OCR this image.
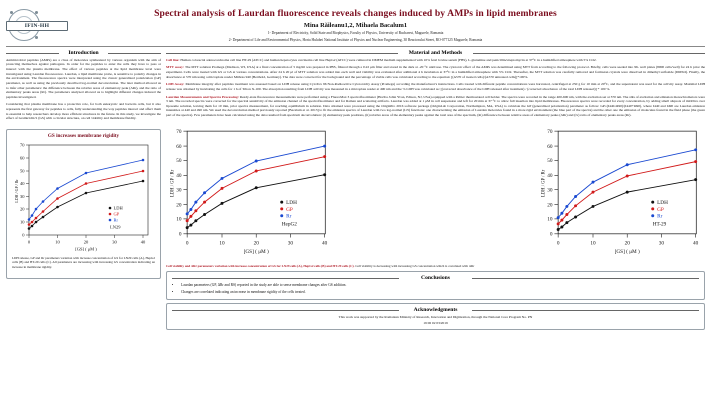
IFIN-HH
Spectral analysis of Laurdan fluorescence reveals changes induced by AMPs in lipid membranes
Mina Răileanu1,2, Mihaela Bacalum1
1- Department of Electricity, Solid State and Biophysics, Faculty of Physics, University of Bucharest, Magurele, Romania
2- Department of Life and Environmental Physics, Horia Hulubei National Institute of Physics and Nuclear Engineering, 30 Reactorului Street, RO-077125 Magurele, Romania
Introduction

Antimicrobial peptides (AMPs) are a class of molecules synthesized by various organism with the aim of protecting themselves against pathogens. In order for the peptides to enter the cells they have to pass or interact with the plasma membrane. The effect of various peptides at the lipid membrane level were investigated using Laurdan fluorescence. Laurdan, a lipid membrane probe, is sensitive to polarity changes in the environment. The fluorescence spectra were interpreted using the classic generalized polarization (GP) parameter, as well as using the previously described log-normal deconvolution. The later method allowed us to infer other parameters: the difference between the relative areas of elementary peak (ΔRr), and the ratio of elementary peaks areas (Rr). The parameters analyzed allowed us to highlight different changes induced the peptides investigated.

Considering that plasma membrane has a protective role, for both eukaryotic and bacteria cells, but it also represents the first gateway for peptides to cells, fully understanding the way peptides interact and affect them is essential to help researchers develop more efficient structures in the future. In this study, we investigate the effect of Gramicidin S (GS) with a circular structure, on cell viability and membrane fluidity.

Material and Methods

Cell line: Human colorectal adenocarcinoma cell line HT-29 (ATCC) and human hepatocytes carcinoma cell line HepG2 (ATCC) were cultured in DMEM medium supplemented with 10% fetal bovine serum (FBS), L-glutamine and penicillin/streptomycin at 37°C in a humidified atmosphere with 5% CO2.

MTT assay: The MTT solution Promega (Madison, WI, USA) at a final concentration of 5 mg/ml was prepared in PBS, filtered through a 0.22 μm filter and stored in the dark at -20 °C until use. The cytotoxic effect of the AMPs was determined using MTT from according to the following protocol. Briefly, cells were seeded into 96- well plates (8000 cells/well) for 24 h prior the experiment. Cells were treated with GS or GS at various concentrations. After 24 h 20 μl of MTT solution was added into each well and viability was evaluated after additional 4 h incubation at 37°C in a humidified atmosphere with 5% CO2. Thereafter, the MTT solution was carefully removed and formazan crystals were dissolved in dimethyl sulfoxide (DMSO). Finally, the absorbance at 570 nm using a microplate reader Mithras 940 (Berthold, Germany). The data were corrected for the background and the percentage of viable cells was calculated according to the equation: [(A570 of treated cells)/(A570 untreated cells)]*100%.

LDH Assay: Membrane integrity after peptides treatment was assessed based on LDH release using CytoTox 96 Non-Radioactive Cytotoxicity Assay (Promega) according the manufacturer's instructions. Cells treated with different peptide concentrations were harvested, centrifuged at 250 g for 10 min at 20°C, and the supernatant was used for the activity assay. Maximal LDH release was obtained by incubating the cells for 1 h of Triton X-100. The absorption resulting from LDH activity was measured in a microplate reader at 490 nm and the % LDH was calculated as: [(corrected absorbance of the LDH released after treatment) / (corrected absorbance of the total LDH released)] * 100 %.

Laurdan Measurements and Spectra Processing: Ready-state fluorescence measurements were performed using a FluoroMax 3 spectrofluorimeter (Horiba Jobin Yvon, Edison, NJ, USA) equipped with a Peltier thermostated cell holder. The spectra were recorded in the range 400-600 nm, with the excitation set at 370 nm. The slits of excitation and emission monochromators were 3 nm. The recorded spectra were corrected for the spectral sensitivity of the emission channel of the spectrofluorimeter and for Raman and scattering artifacts. Laurdan was added at 1 μM in cell suspension and left for 20 min at 37 °C to allow full insertion into lipid membranes. Fluorescence spectra were recorded for every concentration, by adding small aliquots of mitUltra over liposome solution, leaving them for 10 min, prior spectra measurement, for reaching equilibrium in solution. Data obtained were processed using the OriginPro 2016 software package (OriginLab Corporation, Northampton, MA, USA) to calculate the GP (generalized polarization) parameter as follow: GP=(I440-I490)/(I440+I490), where I440 and I490 are Laurdan emission intensities at 440 and 490 nm. We used the deconvolution method previously reported [Bacalum et al. 2013] to fit the emission spectra of Laurdan with two log-normal (LN) functions: one characterizing the emission of Laurdan molecules found in a more rigid environment (the blue part of the spectra) and the other one the emission of molecules found in the fluid phase (the green part of the spectra). Few parameters have been calculated using the data resulted from spectrum deconvolution: (i) elementary peak positions, (ii) relative areas of the elementary peaks against the total area of the spectrum, (iii) difference between relative areas of elementary peaks (ΔRr) and (iv) ratio of elementary peaks areas (Rr).

GS increases membrane rigidity
0
10
20
30
40
50
60
70
0	10	20	30	40
[GS] ( μM )
LDH / GP / Rr
LDH
GP
Rr
LN29

LDH release, GP and Rr parameters variation with increase concentration of GS for LN29 cells (A), HepG2 cells (B) and HT-29 cells (C). All parameters are increasing with increasing GS concentration indicating an increase in membrane rigidity.

0
10
20
30
40
50
60
70
0	10	20	30	40
[GS] ( μM )
LDH / GP / Rr
LDH
GP
Rr
HepG2
0
10
20
30
40
50
60
70
0	10	20	30	40
[GS] ( μM )
LDH / GP / Rr
LDH
GP
Rr
HT-29

Cell viability and ΔRr parameters variation with increase concentration of GS for LN29 cells (A), HepG2 cells (B) and HT-29 cells (C). Cell viability is decreasing with increasing GS concentration which is correlated with ΔRr

Conclusions
• Laurdan parameters (GP, ΔRr and RS) reported in the study are able to sense membrane changes after GS addition.
• Changes are correlated indicating an increase in membrane rigidity of the cells treated.
Acknowledgments

This work was supported by the Romanian Ministry of Research, Innovation and Digitization, through the National Core Program No. PN

19 06 02 03/2019
